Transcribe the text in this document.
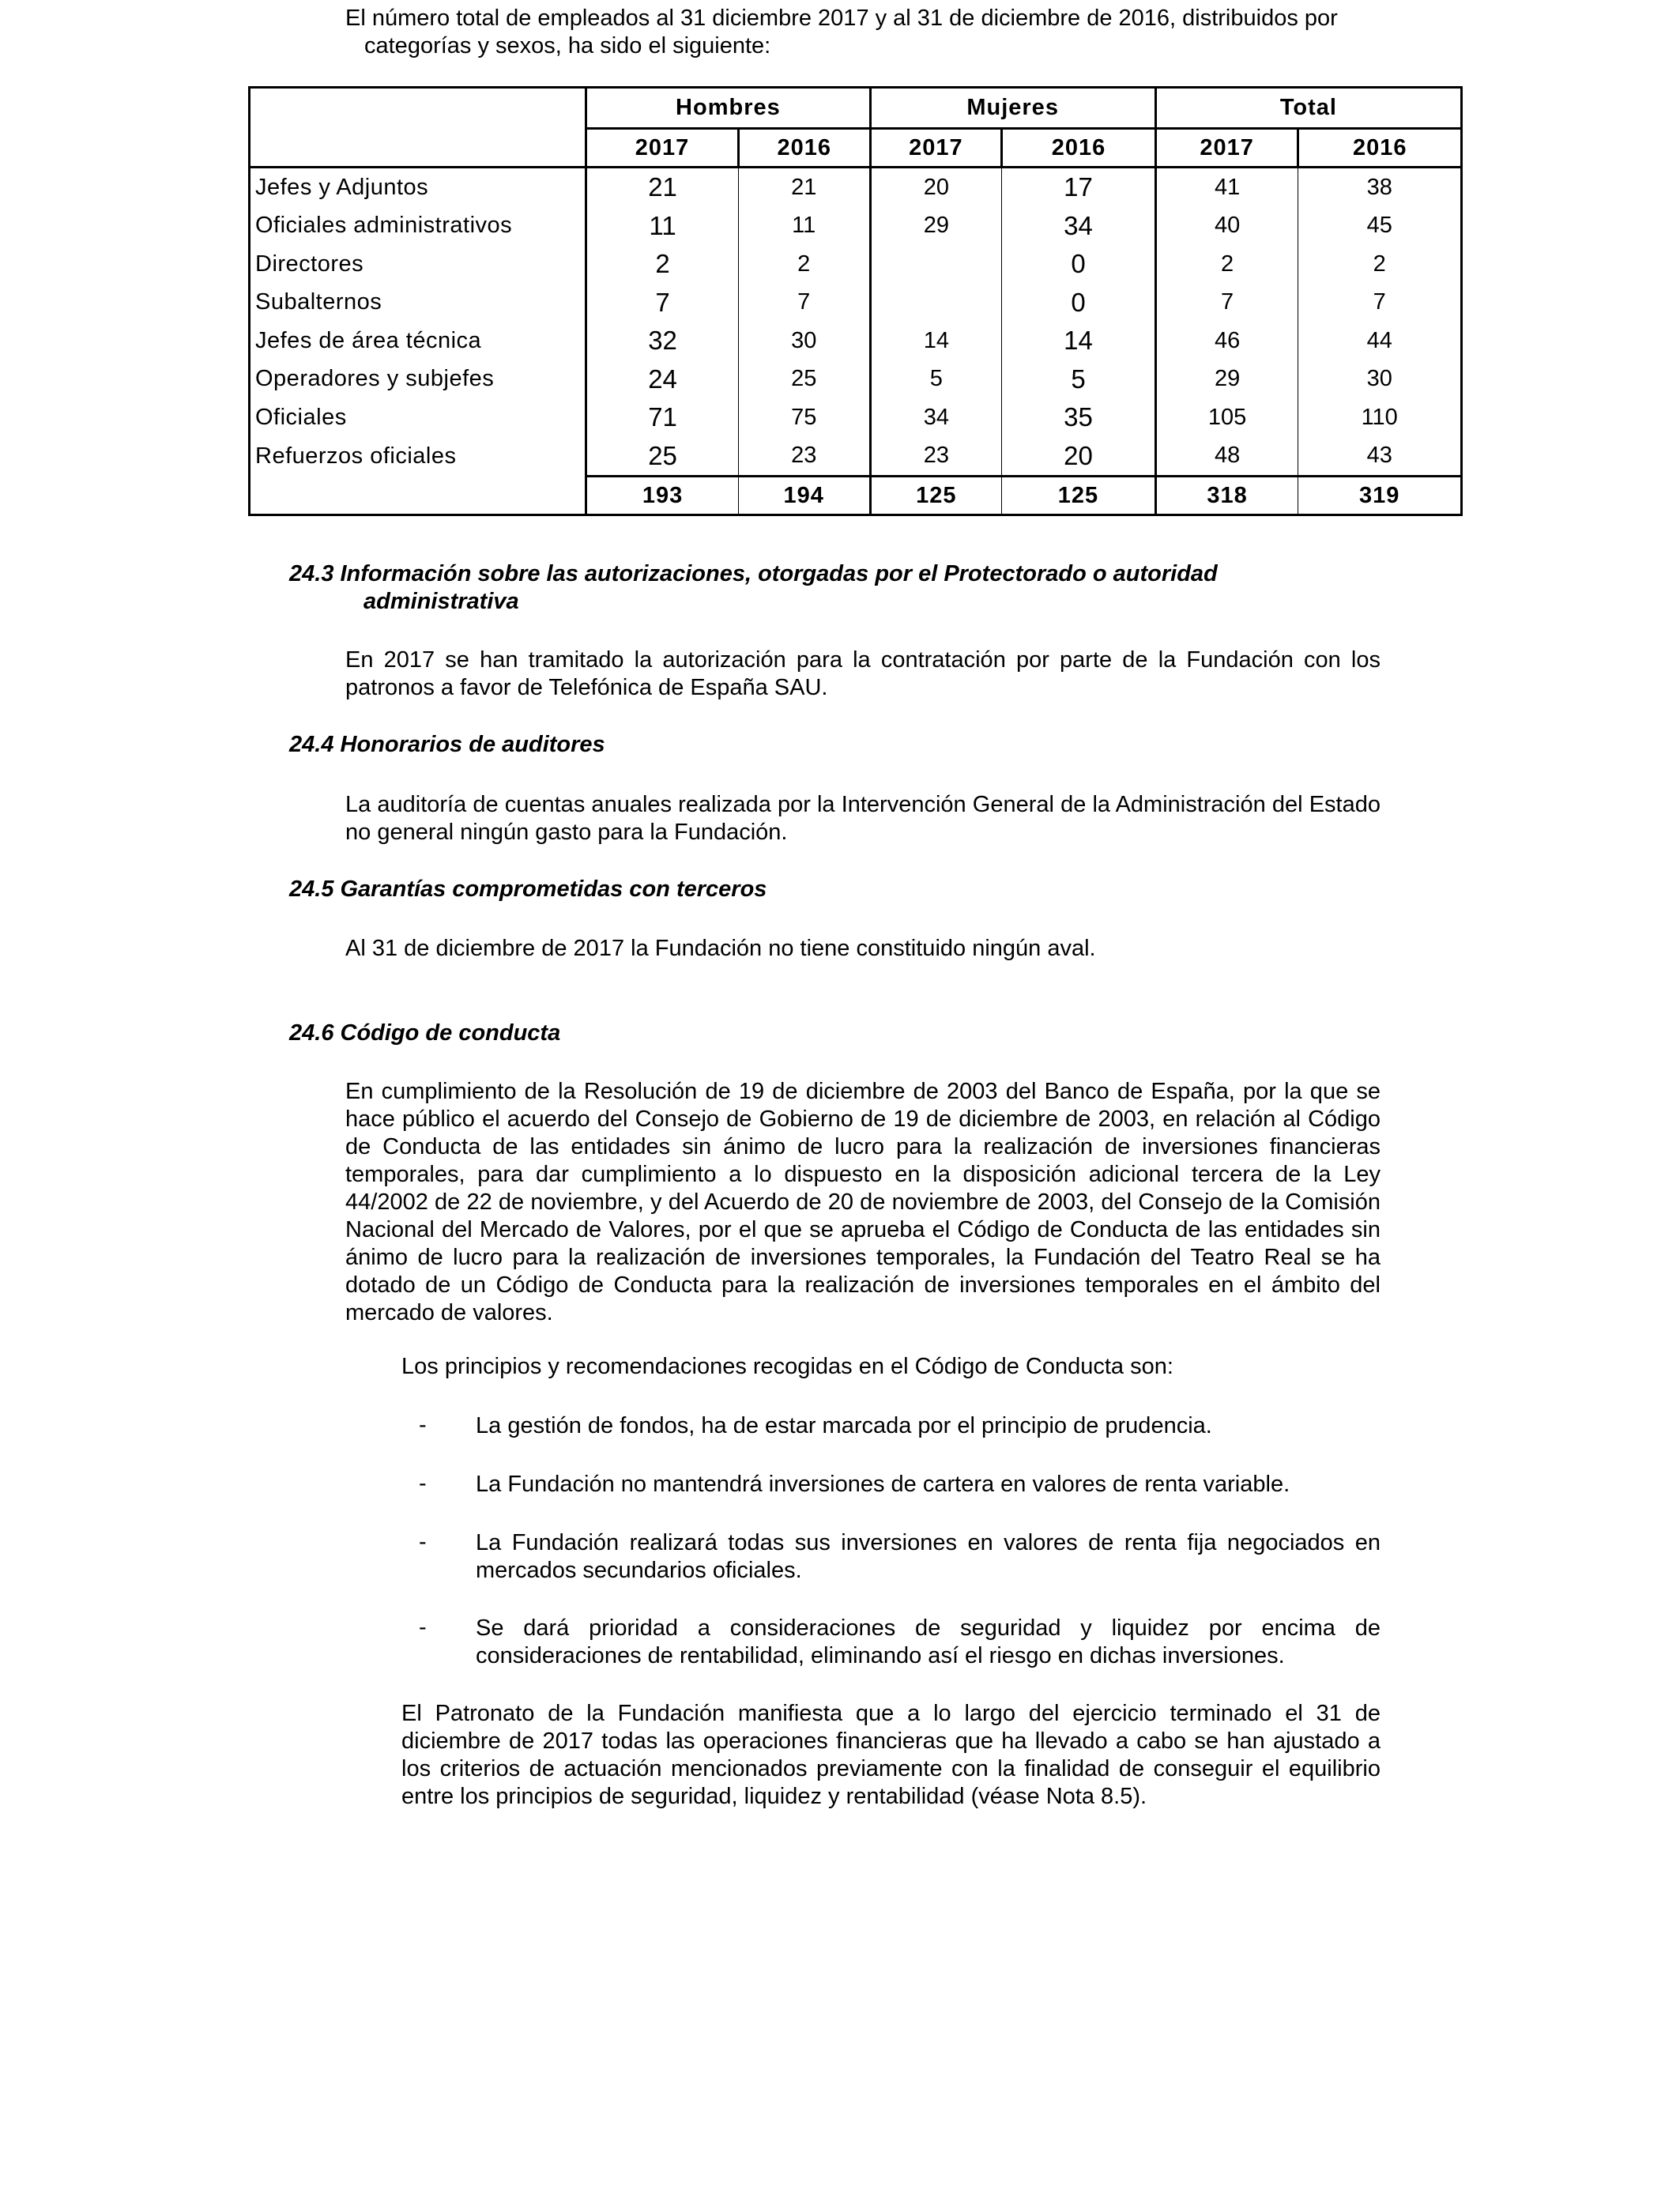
El número total de empleados al 31 diciembre 2017 y al 31 de diciembre de 2016, distribuidos por
categorías y sexos, ha sido el siguiente:
	Hombres		Mujeres		Total	
	2017	2016	2017	2016	2017	2016
Jefes y Adjuntos	21	21	20	17	41	38
Oficiales administrativos	11	11	29	34	40	45
Directores	2	2		0	2	2
Subalternos	7	7		0	7	7
Jefes de área técnica	32	30	14	14	46	44
Operadores y subjefes	24	25	5	5	29	30
Oficiales	71	75	34	35	105	110
Refuerzos oficiales	25	23	23	20	48	43
	193	194	125	125	318	319
24.3 Información sobre las autorizaciones, otorgadas por el Protectorado o autoridad
administrativa
En 2017 se han tramitado la autorización para la contratación por parte de la Fundación con los patronos a favor de Telefónica de España SAU.
24.4 Honorarios de auditores
La auditoría de cuentas anuales realizada por la Intervención General de la Administración del Estado no general ningún gasto para la Fundación.
24.5 Garantías comprometidas con terceros
Al 31 de diciembre de 2017 la Fundación no tiene constituido ningún aval.
24.6 Código de conducta
En cumplimiento de la Resolución de 19 de diciembre de 2003 del Banco de España, por la que se hace público el acuerdo del Consejo de Gobierno de 19 de diciembre de 2003, en relación al Código de Conducta de las entidades sin ánimo de lucro para la realización de inversiones financieras temporales, para dar cumplimiento a lo dispuesto en la disposición adicional tercera de la Ley 44/2002 de 22 de noviembre, y del Acuerdo de 20 de noviembre de 2003, del Consejo de la Comisión Nacional del Mercado de Valores, por el que se aprueba el Código de Conducta de las entidades sin ánimo de lucro para la realización de inversiones temporales, la Fundación del Teatro Real se ha dotado de un Código de Conducta para la realización de inversiones temporales en el ámbito del mercado de valores.
Los principios y recomendaciones recogidas en el Código de Conducta son:
- La gestión de fondos, ha de estar marcada por el principio de prudencia.
- La Fundación no mantendrá inversiones de cartera en valores de renta variable.
- La Fundación realizará todas sus inversiones en valores de renta fija negociados en mercados secundarios oficiales.
- Se dará prioridad a consideraciones de seguridad y liquidez por encima de consideraciones de rentabilidad, eliminando así el riesgo en dichas inversiones.
El Patronato de la Fundación manifiesta que a lo largo del ejercicio terminado el 31 de diciembre de 2017 todas las operaciones financieras que ha llevado a cabo se han ajustado a los criterios de actuación mencionados previamente con la finalidad de conseguir el equilibrio entre los principios de seguridad, liquidez y rentabilidad (véase Nota 8.5).
